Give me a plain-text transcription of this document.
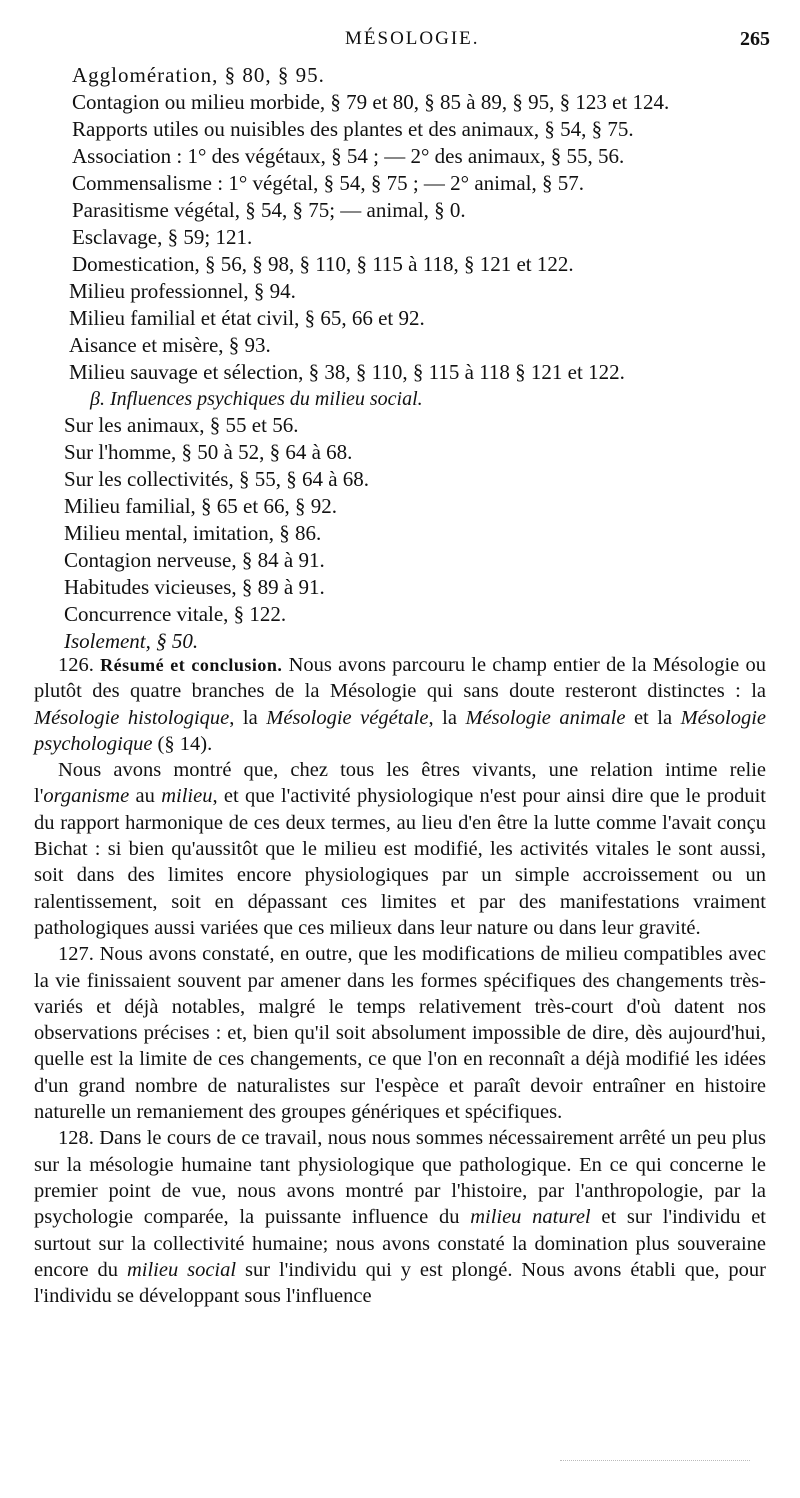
MÉSOLOGIE.	265
Agglomération, § 80, § 95.
Contagion ou milieu morbide, § 79 et 80, § 85 à 89, § 95, § 123 et 124.
Rapports utiles ou nuisibles des plantes et des animaux, § 54, § 75.
Association : 1° des végétaux, § 54 ; — 2° des animaux, § 55, 56.
Commensalisme : 1° végétal, § 54, § 75 ; — 2° animal, § 57.
Parasitisme végétal, § 54, § 75; — animal, § 0.
Esclavage, § 59; 121.
Domestication, § 56, § 98, § 110, § 115 à 118, § 121 et 122.
Milieu professionnel, § 94.
Milieu familial et état civil, § 65, 66 et 92.
Aisance et misère, § 93.
Milieu sauvage et sélection, § 38, § 110, § 115 à 118 § 121 et 122.
β. Influences psychiques du milieu social.
Sur les animaux, § 55 et 56.
Sur l'homme, § 50 à 52, § 64 à 68.
Sur les collectivités, § 55, § 64 à 68.
Milieu familial, § 65 et 66, § 92.
Milieu mental, imitation, § 86.
Contagion nerveuse, § 84 à 91.
Habitudes vicieuses, § 89 à 91.
Concurrence vitale, § 122.
Isolement, § 50.

126. Résumé et conclusion. Nous avons parcouru le champ entier de la Mésologie ou plutôt des quatre branches de la Mésologie qui sans doute resteront distinctes : la Mésologie histologique, la Mésologie végétale, la Mésologie animale et la Mésologie psychologique (§ 14).

Nous avons montré que, chez tous les êtres vivants, une relation intime relie l'organisme au milieu, et que l'activité physiologique n'est pour ainsi dire que le produit du rapport harmonique de ces deux termes, au lieu d'en être la lutte comme l'avait conçu Bichat : si bien qu'aussitôt que le milieu est modifié, les activités vitales le sont aussi, soit dans des limites encore physiologiques par un simple accroissement ou un ralentissement, soit en dépassant ces limites et par des manifestations vraiment pathologiques aussi variées que ces milieux dans leur nature ou dans leur gravité.

127. Nous avons constaté, en outre, que les modifications de milieu compatibles avec la vie finissaient souvent par amener dans les formes spécifiques des changements très-variés et déjà notables, malgré le temps relativement très-court d'où datent nos observations précises : et, bien qu'il soit absolument impossible de dire, dès aujourd'hui, quelle est la limite de ces changements, ce que l'on en reconnaît a déjà modifié les idées d'un grand nombre de naturalistes sur l'espèce et paraît devoir entraîner en histoire naturelle un remaniement des groupes génériques et spécifiques.

128. Dans le cours de ce travail, nous nous sommes nécessairement arrêté un peu plus sur la mésologie humaine tant physiologique que pathologique. En ce qui concerne le premier point de vue, nous avons montré par l'histoire, par l'anthropologie, par la psychologie comparée, la puissante influence du milieu naturel et sur l'individu et surtout sur la collectivité humaine; nous avons constaté la domination plus souveraine encore du milieu social sur l'individu qui y est plongé. Nous avons établi que, pour l'individu se développant sous l'influence
